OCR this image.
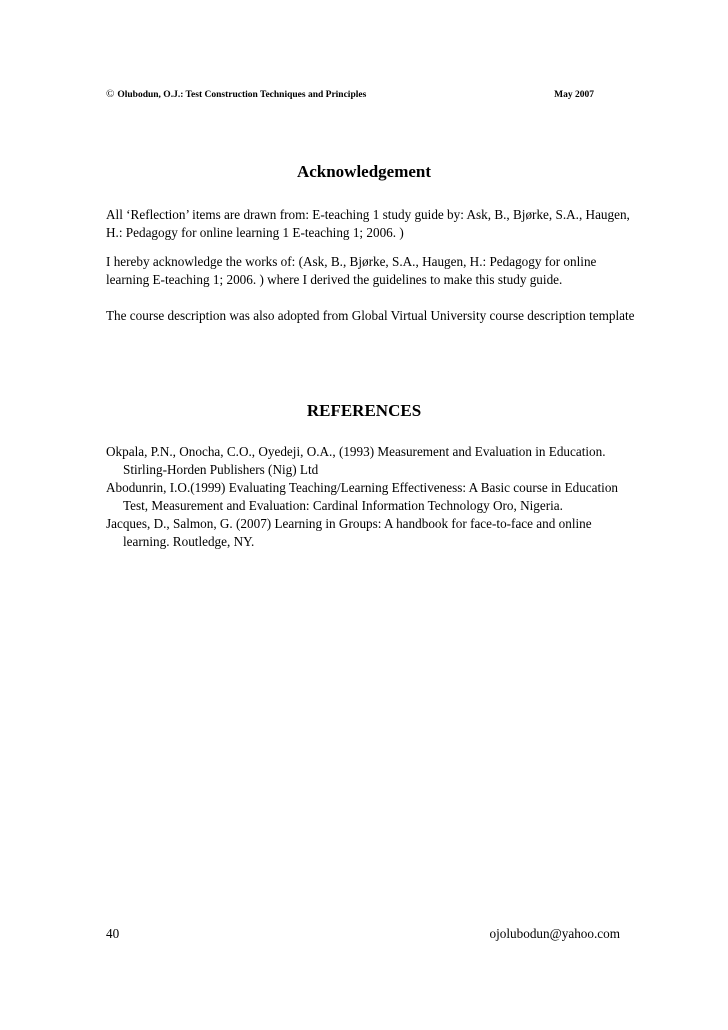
© Olubodun, O.J.: Test Construction Techniques and Principles	May 2007
Acknowledgement

All ‘Reflection’ items are drawn from: E-teaching 1 study guide by: Ask, B., Bjørke, S.A., Haugen, H.: Pedagogy for online learning 1 E-teaching 1; 2006. )

I hereby acknowledge the works of: (Ask, B., Bjørke, S.A., Haugen, H.: Pedagogy for online learning E-teaching 1; 2006. ) where I derived the guidelines to make this study guide.

The course description was also adopted from Global Virtual University course description template

REFERENCES
Okpala, P.N., Onocha, C.O., Oyedeji, O.A., (1993) Measurement and Evaluation in Education. Stirling-Horden Publishers (Nig) Ltd
Abodunrin, I.O.(1999) Evaluating Teaching/Learning Effectiveness: A Basic course in Education Test, Measurement and Evaluation: Cardinal Information Technology Oro, Nigeria.
Jacques, D., Salmon, G. (2007) Learning in Groups: A handbook for face-to-face and online learning. Routledge, NY.
40	ojolubodun@yahoo.com
